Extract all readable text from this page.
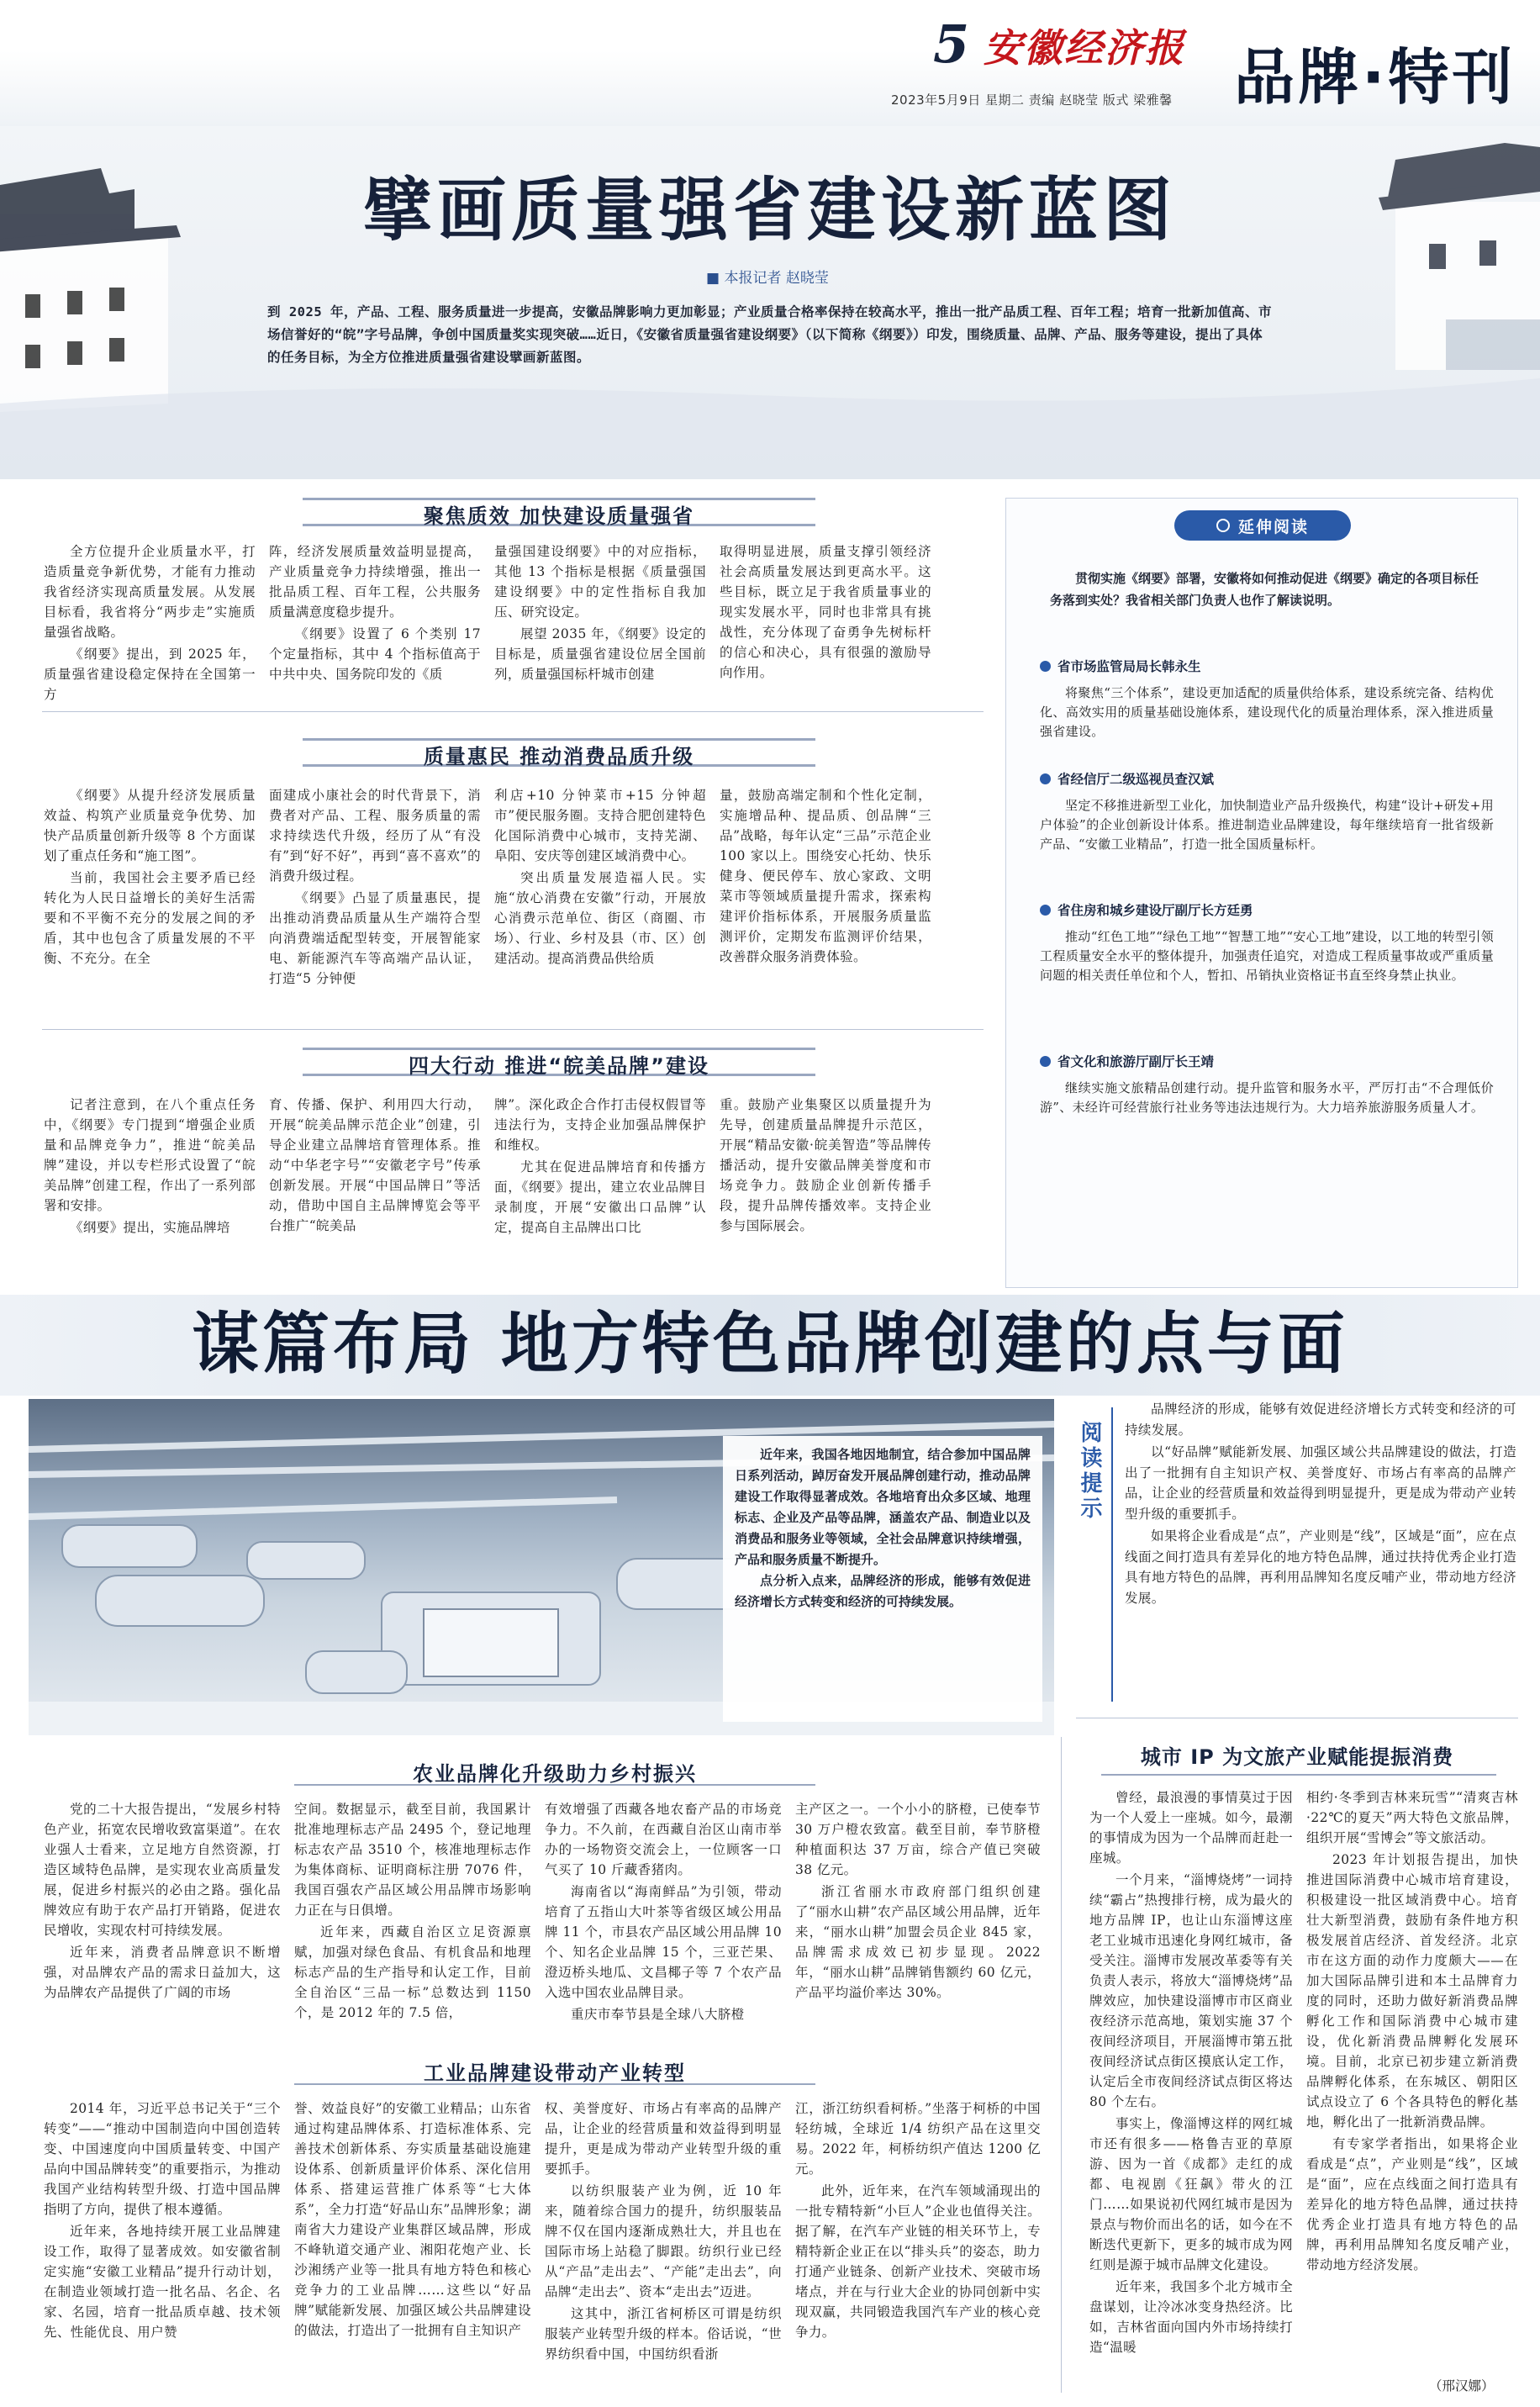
5 安徽经济报
2023年5月9日 星期二 责编 赵晓莹 版式 梁雅馨 品牌·特刊
擘画质量强省建设新蓝图
■ 本报记者 赵晓莹
到 2025 年，产品、工程、服务质量进一步提高，安徽品牌影响力更加彰显；产业质量合格率保持在较高水平，推出一批产品质工程、百年工程；培育一批新加值高、市场信誉好的“皖”字号品牌，争创中国质量奖实现突破……近日，《安徽省质量强省建设纲要》（以下简称《纲要》）印发，围绕质量、品牌、产品、服务等建设，提出了具体的任务目标，为全方位推进质量强省建设擘画新蓝图。
聚焦质效 加快建设质量强省

全方位提升企业质量水平，打造质量竞争新优势，才能有力推动我省经济实现高质量发展。从发展目标看，我省将分“两步走”实施质量强省战略。

《纲要》提出，到 2025 年，质量强省建设稳定保持在全国第一方

阵，经济发展质量效益明显提高，产业质量竞争力持续增强，推出一批品质工程、百年工程，公共服务质量满意度稳步提升。

《纲要》设置了 6 个类别 17 个定量指标，其中 4 个指标值高于中共中央、国务院印发的《质

量强国建设纲要》中的对应指标，其他 13 个指标是根据《质量强国建设纲要》中的定性指标自我加压、研究设定。

展望 2035 年，《纲要》设定的目标是，质量强省建设位居全国前列，质量强国标杆城市创建

取得明显进展，质量支撑引领经济社会高质量发展达到更高水平。这些目标，既立足于我省质量事业的现实发展水平，同时也非常具有挑战性，充分体现了奋勇争先树标杆的信心和决心，具有很强的激励导向作用。

质量惠民 推动消费品质升级

《纲要》从提升经济发展质量效益、构筑产业质量竞争优势、加快产品质量创新升级等 8 个方面谋划了重点任务和“施工图”。

当前，我国社会主要矛盾已经转化为人民日益增长的美好生活需要和不平衡不充分的发展之间的矛盾，其中也包含了质量发展的不平衡、不充分。在全

面建成小康社会的时代背景下，消费者对产品、工程、服务质量的需求持续迭代升级，经历了从“有没有”到“好不好”，再到“喜不喜欢”的消费升级过程。

《纲要》凸显了质量惠民，提出推动消费品质量从生产端符合型向消费端适配型转变，开展智能家电、新能源汽车等高端产品认证，打造“5 分钟便

利店+10 分钟菜市+15 分钟超市”便民服务圈。支持合肥创建特色化国际消费中心城市，支持芜湖、阜阳、安庆等创建区域消费中心。

突出质量发展造福人民。实施“放心消费在安徽”行动，开展放心消费示范单位、街区（商圈、市场）、行业、乡村及县（市、区）创建活动。提高消费品供给质

量，鼓励高端定制和个性化定制，实施增品种、提品质、创品牌“三品”战略，每年认定“三品”示范企业 100 家以上。围绕安心托幼、快乐健身、便民停车、放心家政、文明菜市等领域质量提升需求，探索构建评价指标体系，开展服务质量监测评价，定期发布监测评价结果，改善群众服务消费体验。

四大行动 推进“皖美品牌”建设

记者注意到，在八个重点任务中，《纲要》专门提到“增强企业质量和品牌竞争力”，推进“皖美品牌”建设，并以专栏形式设置了“皖美品牌”创建工程，作出了一系列部署和安排。

《纲要》提出，实施品牌培

育、传播、保护、利用四大行动，开展“皖美品牌示范企业”创建，引导企业建立品牌培育管理体系。推动“中华老字号”“安徽老字号”传承创新发展。开展“中国品牌日”等活动，借助中国自主品牌博览会等平台推广“皖美品

牌”。深化政企合作打击侵权假冒等违法行为，支持企业加强品牌保护和维权。

尤其在促进品牌培育和传播方面，《纲要》提出，建立农业品牌目录制度，开展“安徽出口品牌”认定，提高自主品牌出口比

重。鼓励产业集聚区以质量提升为先导，创建质量品牌提升示范区，开展“精品安徽·皖美智造”等品牌传播活动，提升安徽品牌美誉度和市场竞争力。鼓励企业创新传播手段，提升品牌传播效率。支持企业参与国际展会。

延伸阅读
贯彻实施《纲要》部署，安徽将如何推动促进《纲要》确定的各项目标任务落到实处？我省相关部门负责人也作了解读说明。
省市场监管局局长韩永生
将聚焦“三个体系”，建设更加适配的质量供给体系，建设系统完备、结构优化、高效实用的质量基础设施体系，建设现代化的质量治理体系，深入推进质量强省建设。
省经信厅二级巡视员查汉斌
坚定不移推进新型工业化，加快制造业产品升级换代，构建“设计+研发+用户体验”的企业创新设计体系。推进制造业品牌建设，每年继续培育一批省级新产品、“安徽工业精品”，打造一批全国质量标杆。
省住房和城乡建设厅副厅长方廷勇
推动“红色工地”“绿色工地”“智慧工地”“安心工地”建设，以工地的转型引领工程质量安全水平的整体提升，加强责任追究，对造成工程质量事故或严重质量问题的相关责任单位和个人，暂扣、吊销执业资格证书直至终身禁止执业。
省文化和旅游厅副厅长王靖
继续实施文旅精品创建行动。提升监管和服务水平，严厉打击“不合理低价游”、未经许可经营旅行社业务等违法违规行为。大力培养旅游服务质量人才。
谋篇布局 地方特色品牌创建的点与面

近年来，我国各地因地制宜，结合参加中国品牌日系列活动，踔厉奋发开展品牌创建行动，推动品牌建设工作取得显著成效。各地培育出众多区域、地理标志、企业及产品等品牌，涵盖农产品、制造业以及消费品和服务业等领域，全社会品牌意识持续增强，产品和服务质量不断提升。

点分析入点来，品牌经济的形成，能够有效促进经济增长方式转变和经济的可持续发展。

阅读提示

品牌经济的形成，能够有效促进经济增长方式转变和经济的可持续发展。

以“好品牌”赋能新发展、加强区域公共品牌建设的做法，打造出了一批拥有自主知识产权、美誉度好、市场占有率高的品牌产品，让企业的经营质量和效益得到明显提升，更是成为带动产业转型升级的重要抓手。

如果将企业看成是“点”，产业则是“线”，区域是“面”，应在点线面之间打造具有差异化的地方特色品牌，通过扶持优秀企业打造具有地方特色的品牌，再利用品牌知名度反哺产业，带动地方经济发展。

城市 IP 为文旅产业赋能提振消费
农业品牌化升级助力乡村振兴

党的二十大报告提出，“发展乡村特色产业，拓宽农民增收致富渠道”。在农业强人士看来，立足地方自然资源，打造区域特色品牌，是实现农业高质量发展，促进乡村振兴的必由之路。强化品牌效应有助于农产品打开销路，促进农民增收，实现农村可持续发展。

近年来，消费者品牌意识不断增强，对品牌农产品的需求日益加大，这为品牌农产品提供了广阔的市场

空间。数据显示，截至目前，我国累计批准地理标志产品 2495 个，登记地理标志农产品 3510 个，核准地理标志作为集体商标、证明商标注册 7076 件，我国百强农产品区域公用品牌市场影响力正在与日俱增。

近年来，西藏自治区立足资源禀赋，加强对绿色食品、有机食品和地理标志产品的生产指导和认定工作，目前全自治区“三品一标”总数达到 1150 个，是 2012 年的 7.5 倍，

有效增强了西藏各地农畜产品的市场竞争力。不久前，在西藏自治区山南市举办的一场物资交流会上，一位顾客一口气买了 10 斤藏香猪肉。

海南省以“海南鲜品”为引领，带动培育了五指山大叶茶等省级区域公用品牌 11 个，市县农产品区域公用品牌 10 个、知名企业品牌 15 个，三亚芒果、澄迈桥头地瓜、文昌椰子等 7 个农产品入选中国农业品牌目录。

重庆市奉节县是全球八大脐橙

主产区之一。一个小小的脐橙，已使奉节 30 万户橙农致富。截至目前，奉节脐橙种植面积达 37 万亩，综合产值已突破 38 亿元。

浙江省丽水市政府部门组织创建了“丽水山耕”农产品区域公用品牌，近年来，“丽水山耕”加盟会员企业 845 家，品牌需求成效已初步显现。2022 年，“丽水山耕”品牌销售额约 60 亿元，产品平均溢价率达 30%。

工业品牌建设带动产业转型

2014 年，习近平总书记关于“三个转变”——“推动中国制造向中国创造转变、中国速度向中国质量转变、中国产品向中国品牌转变”的重要指示，为推动我国产业结构转型升级、打造中国品牌指明了方向，提供了根本遵循。

近年来，各地持续开展工业品牌建设工作，取得了显著成效。如安徽省制定实施“安徽工业精品”提升行动计划，在制造业领域打造一批名品、名企、名家、名园，培育一批品质卓越、技术领先、性能优良、用户赞

誉、效益良好”的安徽工业精品；山东省通过构建品牌体系、打造标准体系、完善技术创新体系、夯实质量基础设施建设体系、创新质量评价体系、深化信用体系、搭建运营推广体系等“七大体系”，全力打造“好品山东”品牌形象；湖南省大力建设产业集群区域品牌，形成不峰轨道交通产业、湘阳花炮产业、长沙湘绣产业等一批具有地方特色和核心竞争力的工业品牌……这些以“好品牌”赋能新发展、加强区域公共品牌建设的做法，打造出了一批拥有自主知识产

权、美誉度好、市场占有率高的品牌产品，让企业的经营质量和效益得到明显提升，更是成为带动产业转型升级的重要抓手。

以纺织服装产业为例，近 10 年来，随着综合国力的提升，纺织服装品牌不仅在国内逐渐成熟壮大，并且也在国际市场上站稳了脚跟。纺织行业已经从“产品”走出去”、“产能”走出去”，向品牌“走出去”、资本“走出去”迈进。

这其中，浙江省柯桥区可谓是纺织服装产业转型升级的样本。俗话说，“世界纺织看中国，中国纺织看浙

江，浙江纺织看柯桥。”坐落于柯桥的中国轻纺城，全球近 1/4 纺织产品在这里交易。2022 年，柯桥纺织产值达 1200 亿元。

此外，近年来，在汽车领域涌现出的一批专精特新“小巨人”企业也值得关注。据了解，在汽车产业链的相关环节上，专精特新企业正在以“排头兵”的姿态，助力打通产业链条、创新产业技术、突破市场堵点，并在与行业大企业的协同创新中实现双赢，共同锻造我国汽车产业的核心竞争力。

曾经，最浪漫的事情莫过于因为一个人爱上一座城。如今，最潮的事情成为因为一个品牌而赶赴一座城。

一个月来，“淄博烧烤”一词持续“霸占”热搜排行榜，成为最火的地方品牌 IP，也让山东淄博这座老工业城市迅速化身网红城市，备受关注。淄博市发展改革委等有关负责人表示，将放大“淄博烧烤”品牌效应，加快建设淄博市市区商业夜经济示范高地，策划实施 37 个夜间经济项目，开展淄博市第五批夜间经济试点街区摸底认定工作，认定后全市夜间经济试点街区将达 80 个左右。

事实上，像淄博这样的网红城市还有很多——格鲁吉亚的草原游、因为一首《成都》走红的成都、电视剧《狂飙》带火的江门……如果说初代网红城市是因为景点与物价而出名的话，如今在不断迭代更新下，更多的城市成为网红则是源于城市品牌文化建设。

近年来，我国多个北方城市全盘谋划，让冷冰冰变身热经济。比如，吉林省面向国内外市场持续打造“温暖

相约·冬季到吉林来玩雪”“清爽吉林·22℃的夏天”两大特色文旅品牌，组织开展“雪博会”等文旅活动。

2023 年计划报告提出，加快推进国际消费中心城市培育建设，积极建设一批区域消费中心。培育壮大新型消费，鼓励有条件地方积极发展首店经济、首发经济。北京市在这方面的动作力度颇大——在加大国际品牌引进和本土品牌育力度的同时，还助力做好新消费品牌孵化工作和国际消费中心城市建设，优化新消费品牌孵化发展环境。目前，北京已初步建立新消费品牌孵化体系，在东城区、朝阳区试点设立了 6 个各具特色的孵化基地，孵化出了一批新消费品牌。

有专家学者指出，如果将企业看成是“点”，产业则是“线”，区域是“面”，应在点线面之间打造具有差异化的地方特色品牌，通过扶持优秀企业打造具有地方特色的品牌，再利用品牌知名度反哺产业，带动地方经济发展。

（邢汉娜）
